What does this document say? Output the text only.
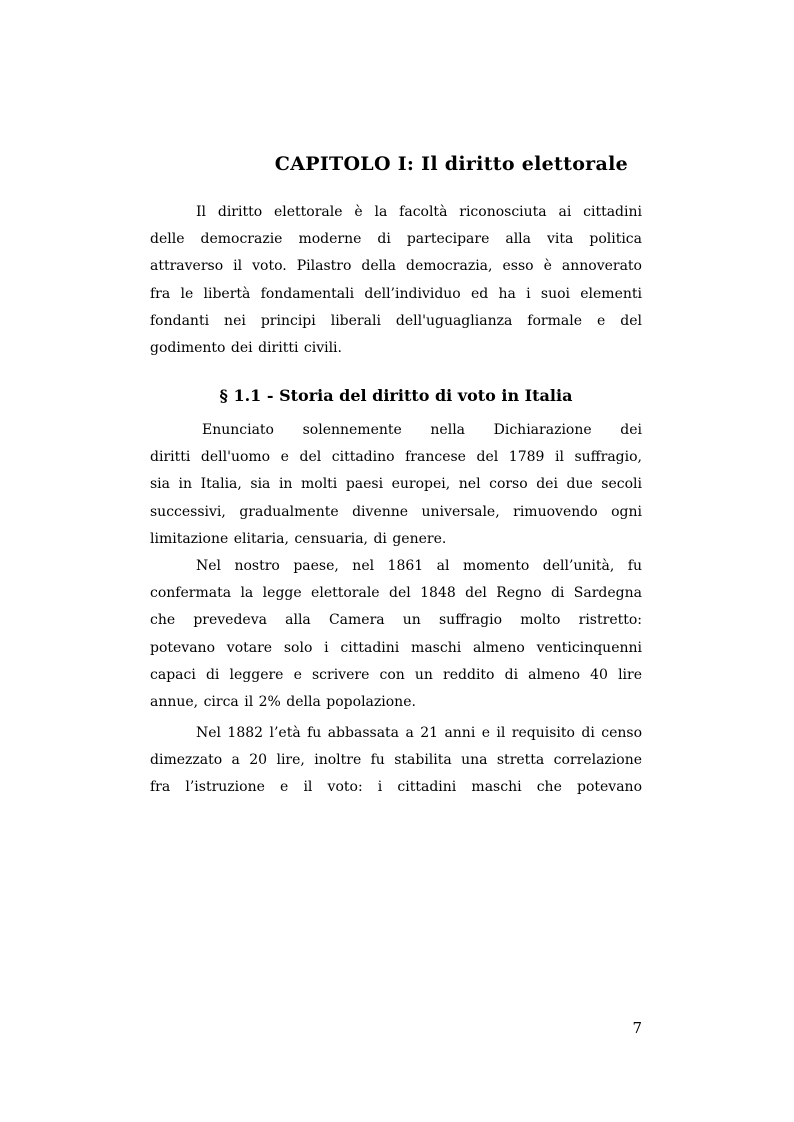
CAPITOLO I: Il diritto elettorale

Il diritto elettorale è la facoltà riconosciuta ai cittadini
delle democrazie moderne di partecipare alla vita politica
attraverso il voto. Pilastro della democrazia, esso è annoverato
fra le libertà fondamentali dell’individuo ed ha i suoi elementi
fondanti nei principi liberali dell'uguaglianza formale e del
godimento dei diritti civili.

§ 1.1 - Storia del diritto di voto in Italia

Enunciato solennemente nella Dichiarazione dei
diritti dell'uomo e del cittadino francese del 1789 il suffragio,
sia in Italia, sia in molti paesi europei, nel corso dei due secoli
successivi, gradualmente divenne universale, rimuovendo ogni
limitazione elitaria, censuaria, di genere.

Nel nostro paese, nel 1861 al momento dell’unità, fu
confermata la legge elettorale del 1848 del Regno di Sardegna
che prevedeva alla Camera un suffragio molto ristretto:
potevano votare solo i cittadini maschi almeno venticinquenni
capaci di leggere e scrivere con un reddito di almeno 40 lire
annue, circa il 2% della popolazione.

Nel 1882 l’età fu abbassata a 21 anni e il requisito di censo
dimezzato a 20 lire, inoltre fu stabilita una stretta correlazione
fra l’istruzione e il voto: i cittadini maschi che potevano

7
